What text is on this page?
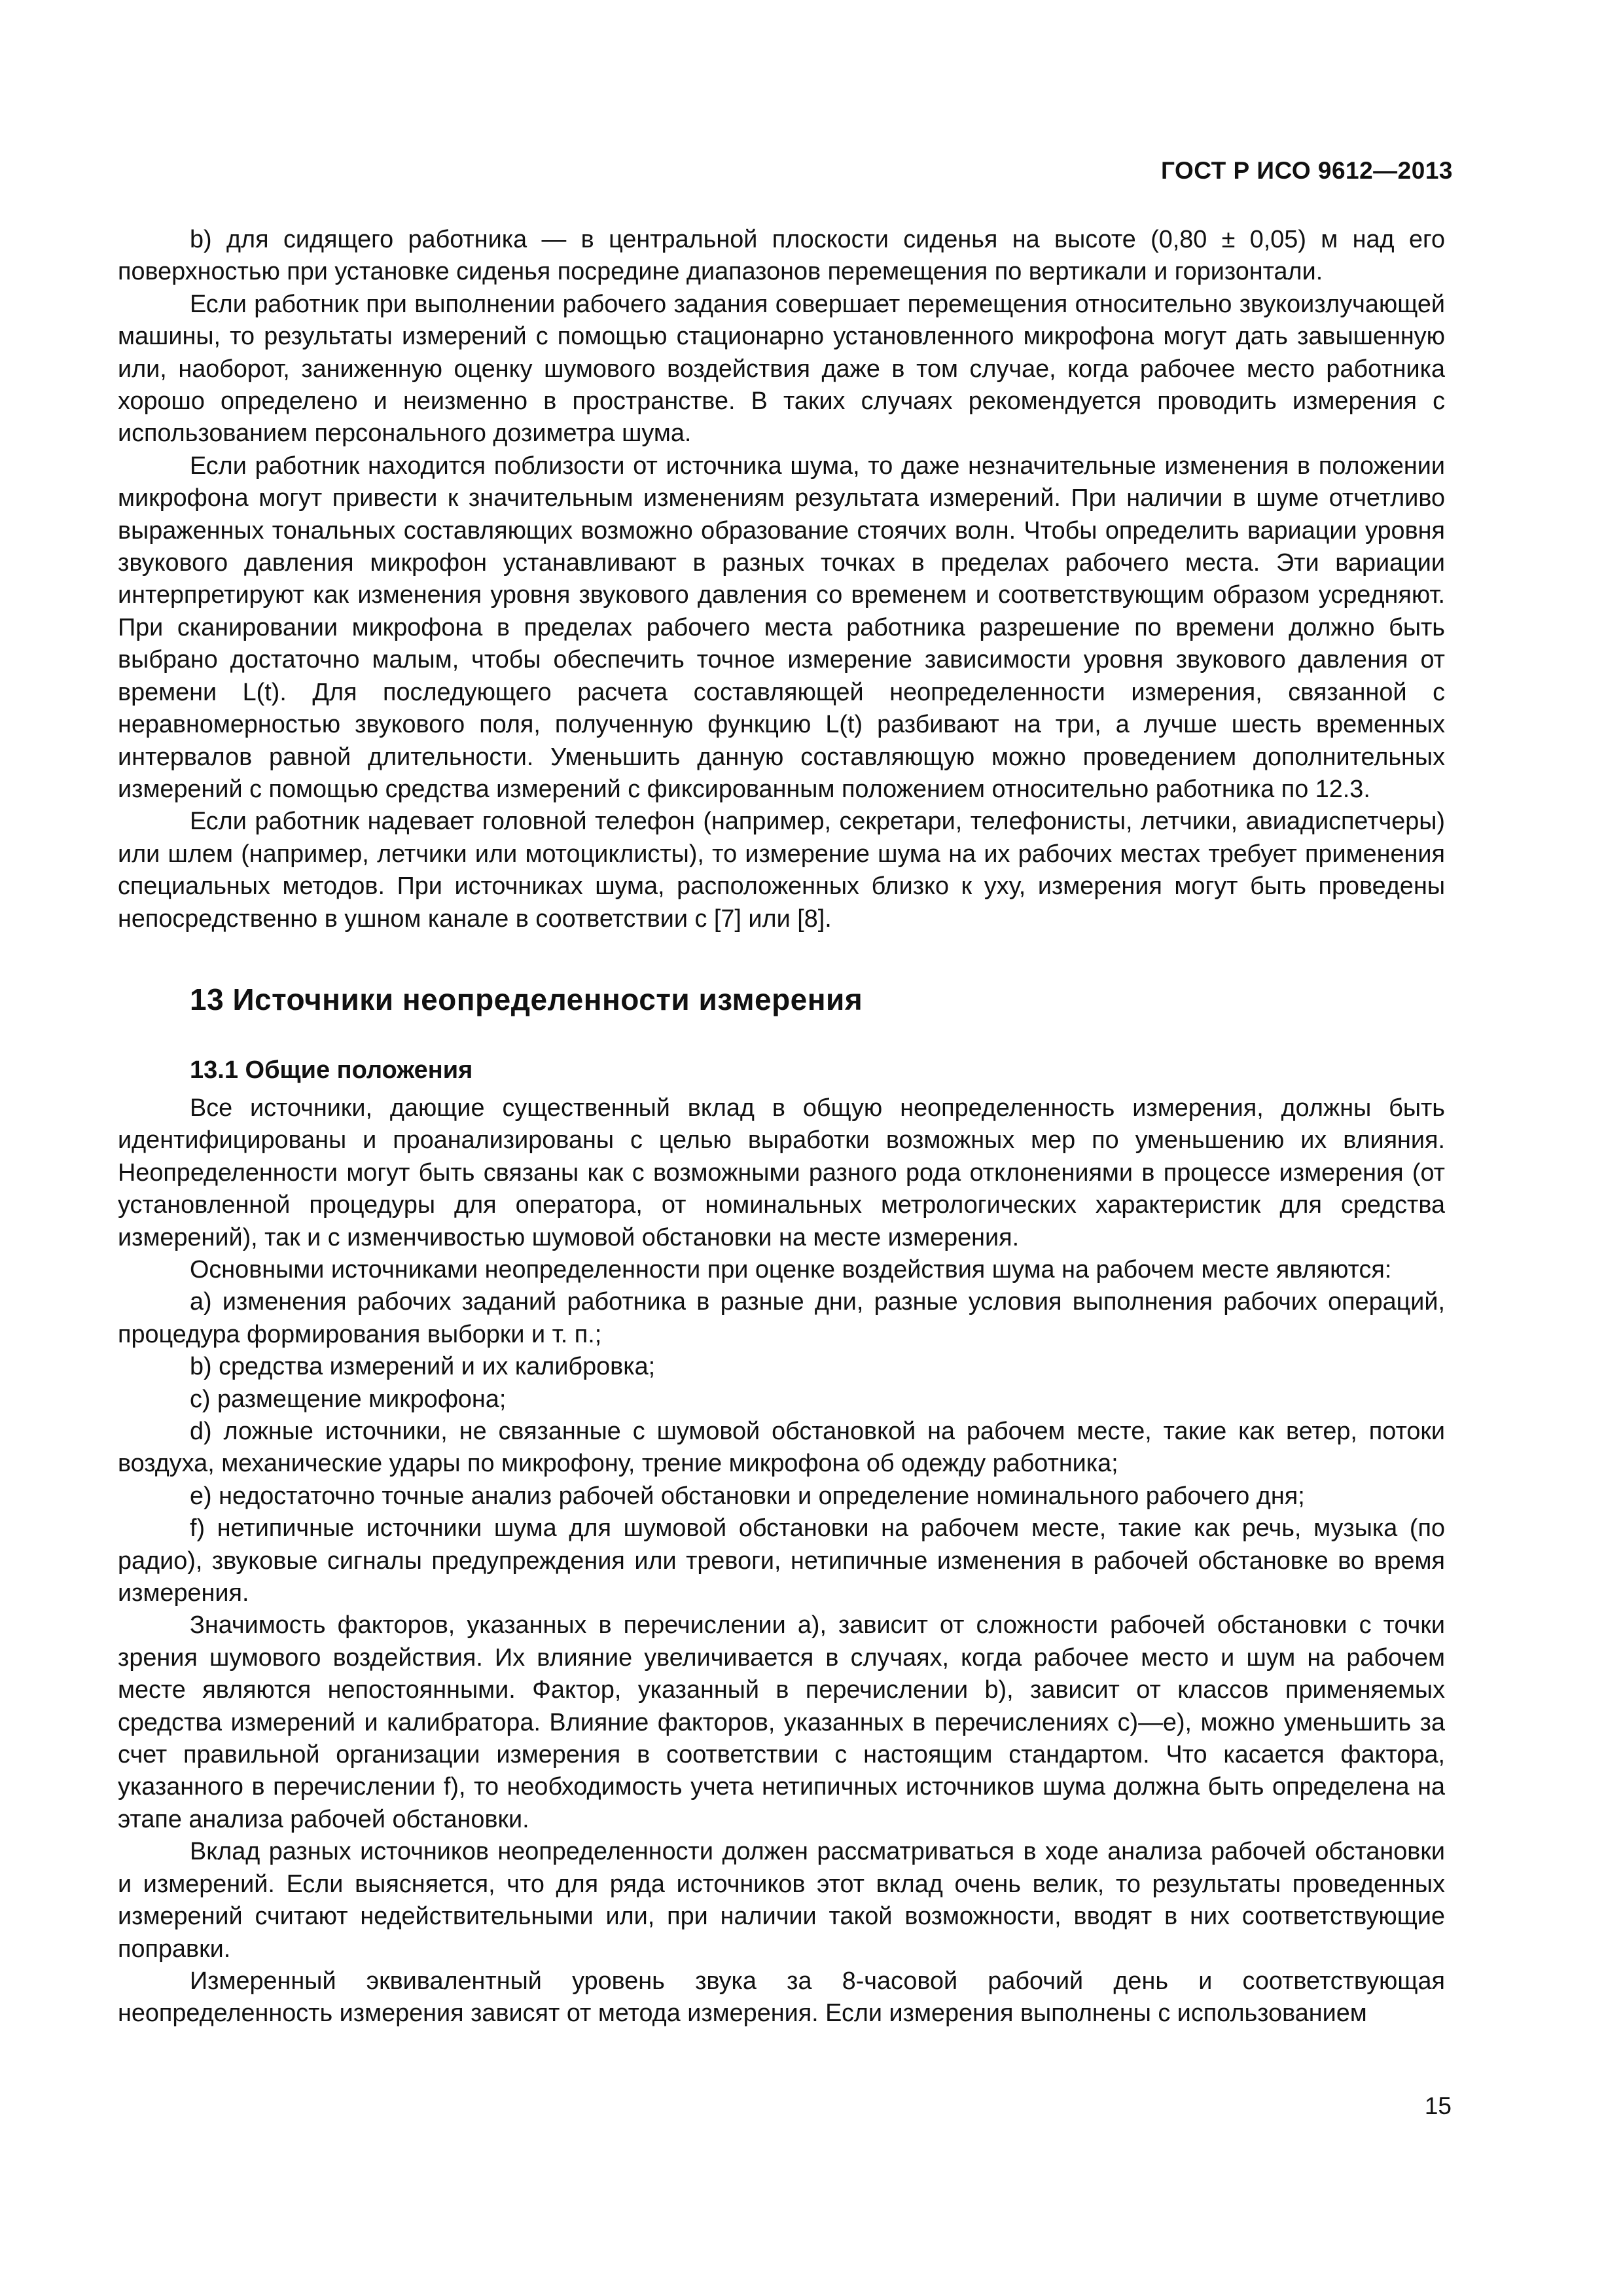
ГОСТ Р ИСО 9612—2013

b) для сидящего работника — в центральной плоскости сиденья на высоте (0,80 ± 0,05) м над его поверхностью при установке сиденья посредине диапазонов перемещения по вертикали и горизонтали.

Если работник при выполнении рабочего задания совершает перемещения относительно звукоизлучающей машины, то результаты измерений с помощью стационарно установленного микрофона могут дать завышенную или, наоборот, заниженную оценку шумового воздействия даже в том случае, когда рабочее место работника хорошо определено и неизменно в пространстве. В таких случаях рекомендуется проводить измерения с использованием персонального дозиметра шума.

Если работник находится поблизости от источника шума, то даже незначительные изменения в положении микрофона могут привести к значительным изменениям результата измерений. При наличии в шуме отчетливо выраженных тональных составляющих возможно образование стоячих волн. Чтобы определить вариации уровня звукового давления микрофон устанавливают в разных точках в пределах рабочего места. Эти вариации интерпретируют как изменения уровня звукового давления со временем и соответствующим образом усредняют. При сканировании микрофона в пределах рабочего места работника разрешение по времени должно быть выбрано достаточно малым, чтобы обеспечить точное измерение зависимости уровня звукового давления от времени L(t). Для последующего расчета составляющей неопределенности измерения, связанной с неравномерностью звукового поля, полученную функцию L(t) разбивают на три, а лучше шесть временных интервалов равной длительности. Уменьшить данную составляющую можно проведением дополнительных измерений с помощью средства измерений с фиксированным положением относительно работника по 12.3.

Если работник надевает головной телефон (например, секретари, телефонисты, летчики, авиадиспетчеры) или шлем (например, летчики или мотоциклисты), то измерение шума на их рабочих местах требует применения специальных методов. При источниках шума, расположенных близко к уху, измерения могут быть проведены непосредственно в ушном канале в соответствии с [7] или [8].

13 Источники неопределенности измерения
13.1 Общие положения

Все источники, дающие существенный вклад в общую неопределенность измерения, должны быть идентифицированы и проанализированы с целью выработки возможных мер по уменьшению их влияния. Неопределенности могут быть связаны как с возможными разного рода отклонениями в процессе измерения (от установленной процедуры для оператора, от номинальных метрологических характеристик для средства измерений), так и с изменчивостью шумовой обстановки на месте измерения.

Основными источниками неопределенности при оценке воздействия шума на рабочем месте являются:

a) изменения рабочих заданий работника в разные дни, разные условия выполнения рабочих операций, процедура формирования выборки и т. п.;

b) средства измерений и их калибровка;

c) размещение микрофона;

d) ложные источники, не связанные с шумовой обстановкой на рабочем месте, такие как ветер, потоки воздуха, механические удары по микрофону, трение микрофона об одежду работника;

e) недостаточно точные анализ рабочей обстановки и определение номинального рабочего дня;

f) нетипичные источники шума для шумовой обстановки на рабочем месте, такие как речь, музыка (по радио), звуковые сигналы предупреждения или тревоги, нетипичные изменения в рабочей обстановке во время измерения.

Значимость факторов, указанных в перечислении a), зависит от сложности рабочей обстановки с точки зрения шумового воздействия. Их влияние увеличивается в случаях, когда рабочее место и шум на рабочем месте являются непостоянными. Фактор, указанный в перечислении b), зависит от классов применяемых средства измерений и калибратора. Влияние факторов, указанных в перечислениях c)—e), можно уменьшить за счет правильной организации измерения в соответствии с настоящим стандартом. Что касается фактора, указанного в перечислении f), то необходимость учета нетипичных источников шума должна быть определена на этапе анализа рабочей обстановки.

Вклад разных источников неопределенности должен рассматриваться в ходе анализа рабочей обстановки и измерений. Если выясняется, что для ряда источников этот вклад очень велик, то результаты проведенных измерений считают недействительными или, при наличии такой возможности, вводят в них соответствующие поправки.

Измеренный эквивалентный уровень звука за 8-часовой рабочий день и соответствующая неопределенность измерения зависят от метода измерения. Если измерения выполнены с использованием

15
